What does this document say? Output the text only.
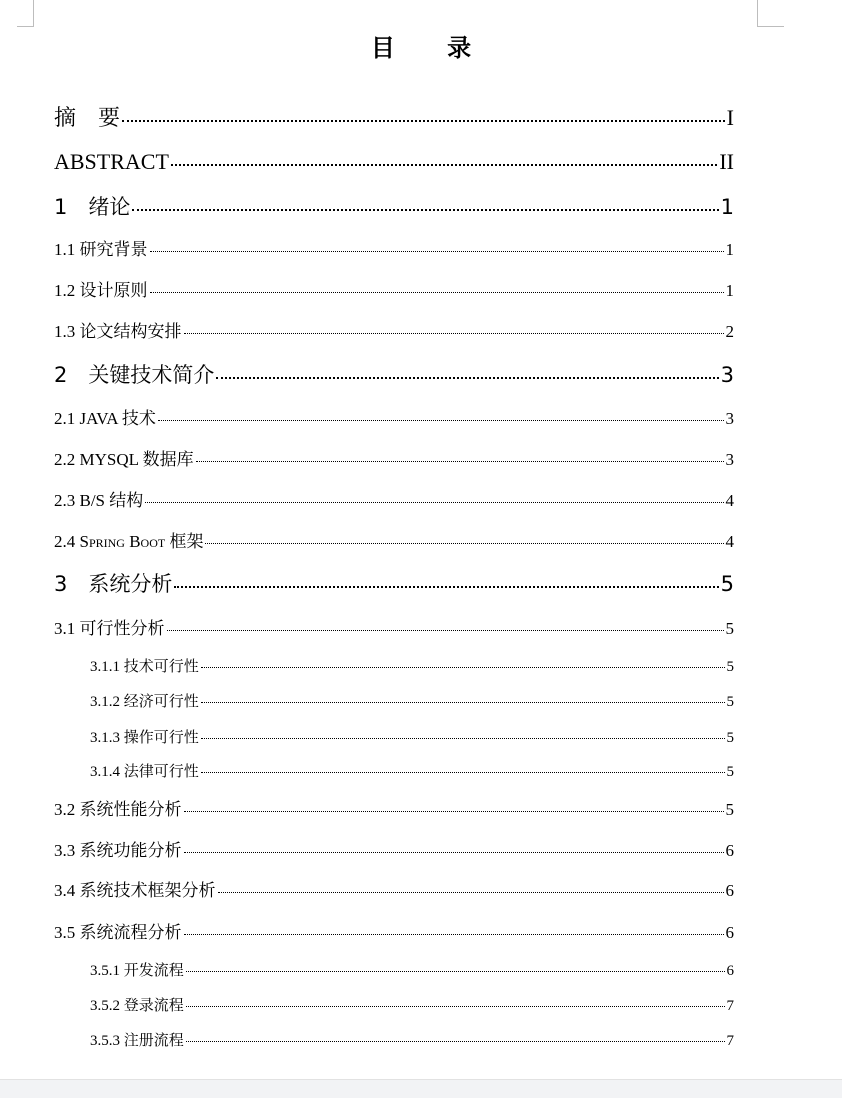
目 录
摘　要	I
ABSTRACT	II
1　绪论	1
1.1 研究背景	1
1.2 设计原则	1
1.3 论文结构安排	2
2　关键技术简介	3
2.1 JAVA 技术	3
2.2 MYSQL 数据库	3
2.3 B/S 结构	4
2.4 Spring Boot 框架	4
3　系统分析	5
3.1 可行性分析	5
3.1.1 技术可行性	5
3.1.2 经济可行性	5
3.1.3 操作可行性	5
3.1.4 法律可行性	5
3.2 系统性能分析	5
3.3 系统功能分析	6
3.4 系统技术框架分析	6
3.5 系统流程分析	6
3.5.1 开发流程	6
3.5.2 登录流程	7
3.5.3 注册流程	7
